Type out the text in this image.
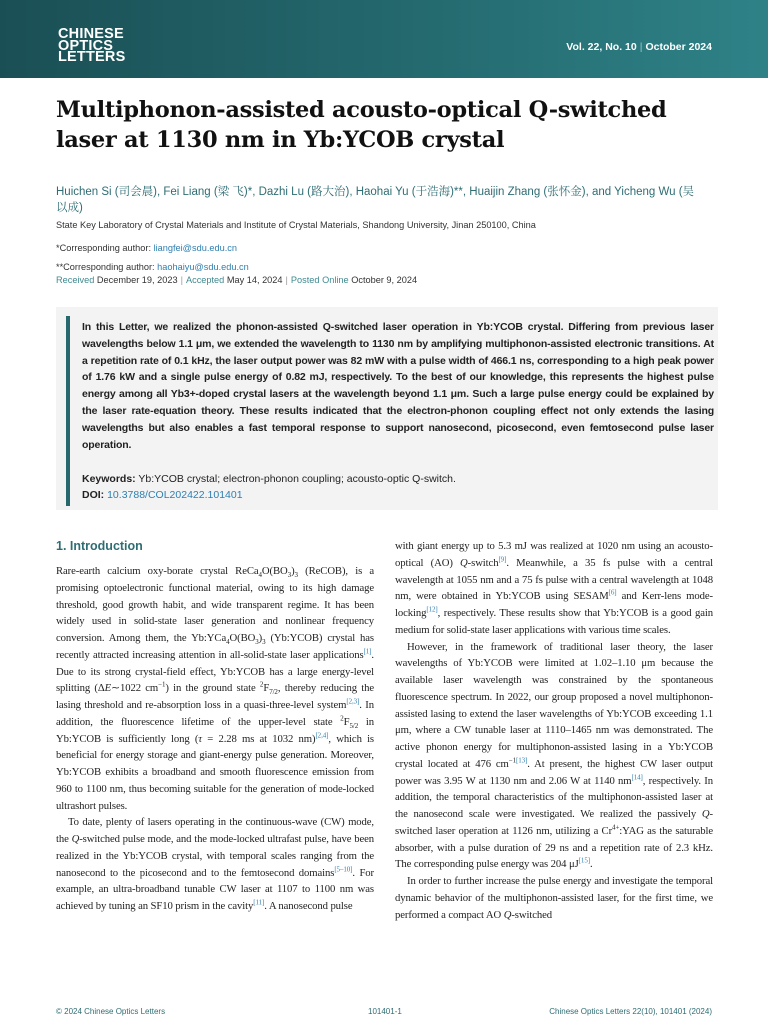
CHINESE
OPTICS
LETTERS
Vol. 22, No. 10 | October 2024
Multiphonon-assisted acousto-optical Q-switched laser at 1130 nm in Yb:YCOB crystal
Huichen Si (司会晨), Fei Liang (梁 飞)*, Dazhi Lu (路大治), Haohai Yu (于浩海)**, Huaijin Zhang (张怀金), and Yicheng Wu (吴以成)
State Key Laboratory of Crystal Materials and Institute of Crystal Materials, Shandong University, Jinan 250100, China
*Corresponding author: liangfei@sdu.edu.cn
**Corresponding author: haohaiyu@sdu.edu.cn
Received December 19, 2023 | Accepted May 14, 2024 | Posted Online October 9, 2024
In this Letter, we realized the phonon-assisted Q-switched laser operation in Yb:YCOB crystal. Differing from previous laser wavelengths below 1.1 μm, we extended the wavelength to 1130 nm by amplifying multiphonon-assisted electronic transitions. At a repetition rate of 0.1 kHz, the laser output power was 82 mW with a pulse width of 466.1 ns, corresponding to a high peak power of 1.76 kW and a single pulse energy of 0.82 mJ, respectively. To the best of our knowledge, this represents the highest pulse energy among all Yb3+-doped crystal lasers at the wavelength beyond 1.1 μm. Such a large pulse energy could be explained by the laser rate-equation theory. These results indicated that the electron-phonon coupling effect not only extends the lasing wavelengths but also enables a fast temporal response to support nanosecond, picosecond, even femtosecond pulse laser operation.
Keywords: Yb:YCOB crystal; electron-phonon coupling; acousto-optic Q-switch.
DOI: 10.3788/COL202422.101401
1. Introduction

Rare-earth calcium oxy-borate crystal $ReCa_4O(BO_3)_3$ (ReCOB), is a promising optoelectronic functional material, owing to its high damage threshold, good growth habit, and wide transparent regime. It has been widely used in solid-state laser generation and nonlinear frequency conversion. Among them, the $Yb:YCa_4O(BO_3)_3$ (Yb:YCOB) crystal has recently attracted increasing attention in all-solid-state laser applications[1]. Due to its strong crystal-field effect, Yb:YCOB has a large energy-level splitting (ΔE∼1022 $cm^{-1}$) in the ground state $^2F_{7/2}$, thereby reducing the lasing threshold and re-absorption loss in a quasi-three-level system[2,3]. In addition, the fluorescence lifetime of the upper-level state $^2F_{5/2}$ in Yb:YCOB is sufficiently long (τ = 2.28 ms at 1032 nm)[2,4], which is beneficial for energy storage and giant-energy pulse generation. Moreover, Yb:YCOB exhibits a broadband and smooth fluorescence emission from 960 to 1100 nm, thus becoming suitable for the generation of mode-locked ultrashort pulses.

To date, plenty of lasers operating in the continuous-wave (CW) mode, the Q-switched pulse mode, and the mode-locked ultrafast pulse, have been realized in the Yb:YCOB crystal, with temporal scales ranging from the nanosecond to the picosecond and to the femtosecond domains[5–10]. For example, an ultra-broadband tunable CW laser at 1107 to 1100 nm was achieved by tuning an SF10 prism in the cavity[11]. A nanosecond pulse

with giant energy up to 5.3 mJ was realized at 1020 nm using an acousto-optical (AO) Q-switch[9]. Meanwhile, a 35 fs pulse with a central wavelength at 1055 nm and a 75 fs pulse with a central wavelength at 1048 nm, were obtained in Yb:YCOB using SESAM[6] and Kerr-lens mode-locking[12], respectively. These results show that Yb:YCOB is a good gain medium for solid-state laser applications with various time scales.

However, in the framework of traditional laser theory, the laser wavelengths of Yb:YCOB were limited at 1.02–1.10 μm because the available laser wavelength was constrained by the spontaneous fluorescence spectrum. In 2022, our group proposed a novel multiphonon-assisted lasing to extend the laser wavelengths of Yb:YCOB exceeding 1.1 μm, where a CW tunable laser at 1110–1465 nm was demonstrated. The active phonon energy for multiphonon-assisted lasing in a Yb:YCOB crystal located at 476 $cm^{-1[13]}$. At present, the highest CW laser output power was 3.95 W at 1130 nm and 2.06 W at 1140 nm[14], respectively. In addition, the temporal characteristics of the multiphonon-assisted laser at the nanosecond scale were investigated. We realized the passively Q-switched laser operation at 1126 nm, utilizing a $Cr^{4+}:YAG$ as the saturable absorber, with a pulse duration of 29 ns and a repetition rate of 2.3 kHz. The corresponding pulse energy was 204 μJ[15].

In order to further increase the pulse energy and investigate the temporal dynamic behavior of the multiphonon-assisted laser, for the first time, we performed a compact AO Q-switched

© 2024 Chinese Optics Letters	101401-1	Chinese Optics Letters 22(10), 101401 (2024)
